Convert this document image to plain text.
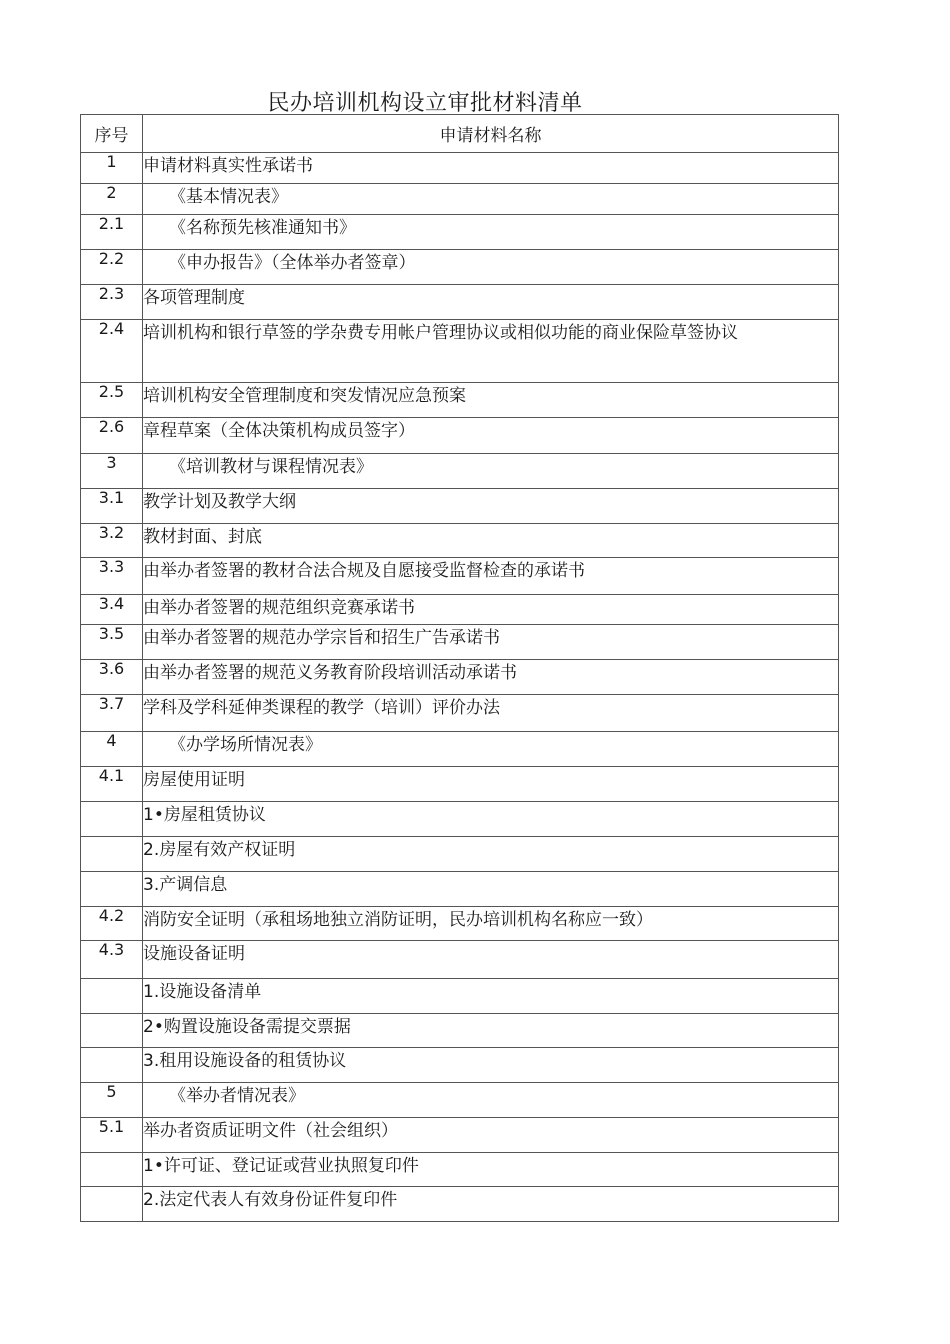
民办培训机构设立审批材料清单
序号	申请材料名称
1	申请材料真实性承诺书
2	《基本情况表》
2.1	《名称预先核准通知书》
2.2	《申办报告》（全体举办者签章）
2.3	各项管理制度
2.4	培训机构和银行草签的学杂费专用帐户管理协议或相似功能的商业保险草签协议
2.5	培训机构安全管理制度和突发情况应急预案
2.6	章程草案（全体决策机构成员签字）
3	《培训教材与课程情况表》
3.1	教学计划及教学大纲
3.2	教材封面、封底
3.3	由举办者签署的教材合法合规及自愿接受监督检查的承诺书
3.4	由举办者签署的规范组织竞赛承诺书
3.5	由举办者签署的规范办学宗旨和招生广告承诺书
3.6	由举办者签署的规范义务教育阶段培训活动承诺书
3.7	学科及学科延伸类课程的教学（培训）评价办法
4	《办学场所情况表》
4.1	房屋使用证明
	1•房屋租赁协议
	2.房屋有效产权证明
	3.产调信息
4.2	消防安全证明（承租场地独立消防证明，民办培训机构名称应一致）
4.3	设施设备证明
	1.设施设备清单
	2•购置设施设备需提交票据
	3.租用设施设备的租赁协议
5	《举办者情况表》
5.1	举办者资质证明文件（社会组织）
	1•许可证、登记证或营业执照复印件
	2.法定代表人有效身份证件复印件
